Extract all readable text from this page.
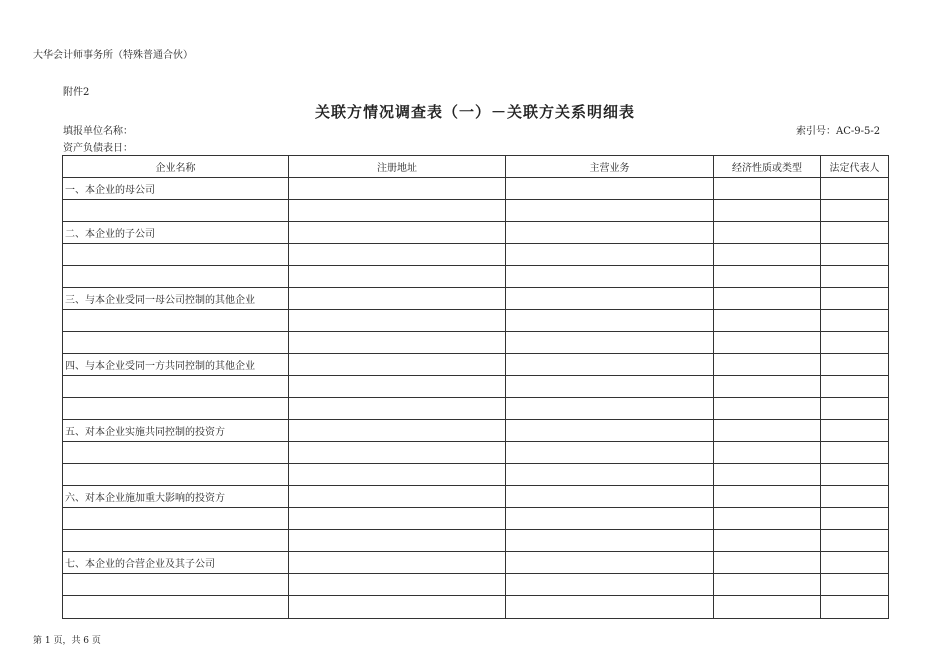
大华会计师事务所（特殊普通合伙）
附件2
关联方情况调查表（一）－关联方关系明细表
填报单位名称：	索引号：AC-9-5-2
资产负债表日：
企业名称	注册地址	主营业务	经济性质或类型	法定代表人
一、本企业的母公司				

二、本企业的子公司				

三、与本企业受同一母公司控制的其他企业				

四、与本企业受同一方共同控制的其他企业				

五、对本企业实施共同控制的投资方				

六、对本企业施加重大影响的投资方				

七、本企业的合营企业及其子公司				

第 1 页，共 6 页
